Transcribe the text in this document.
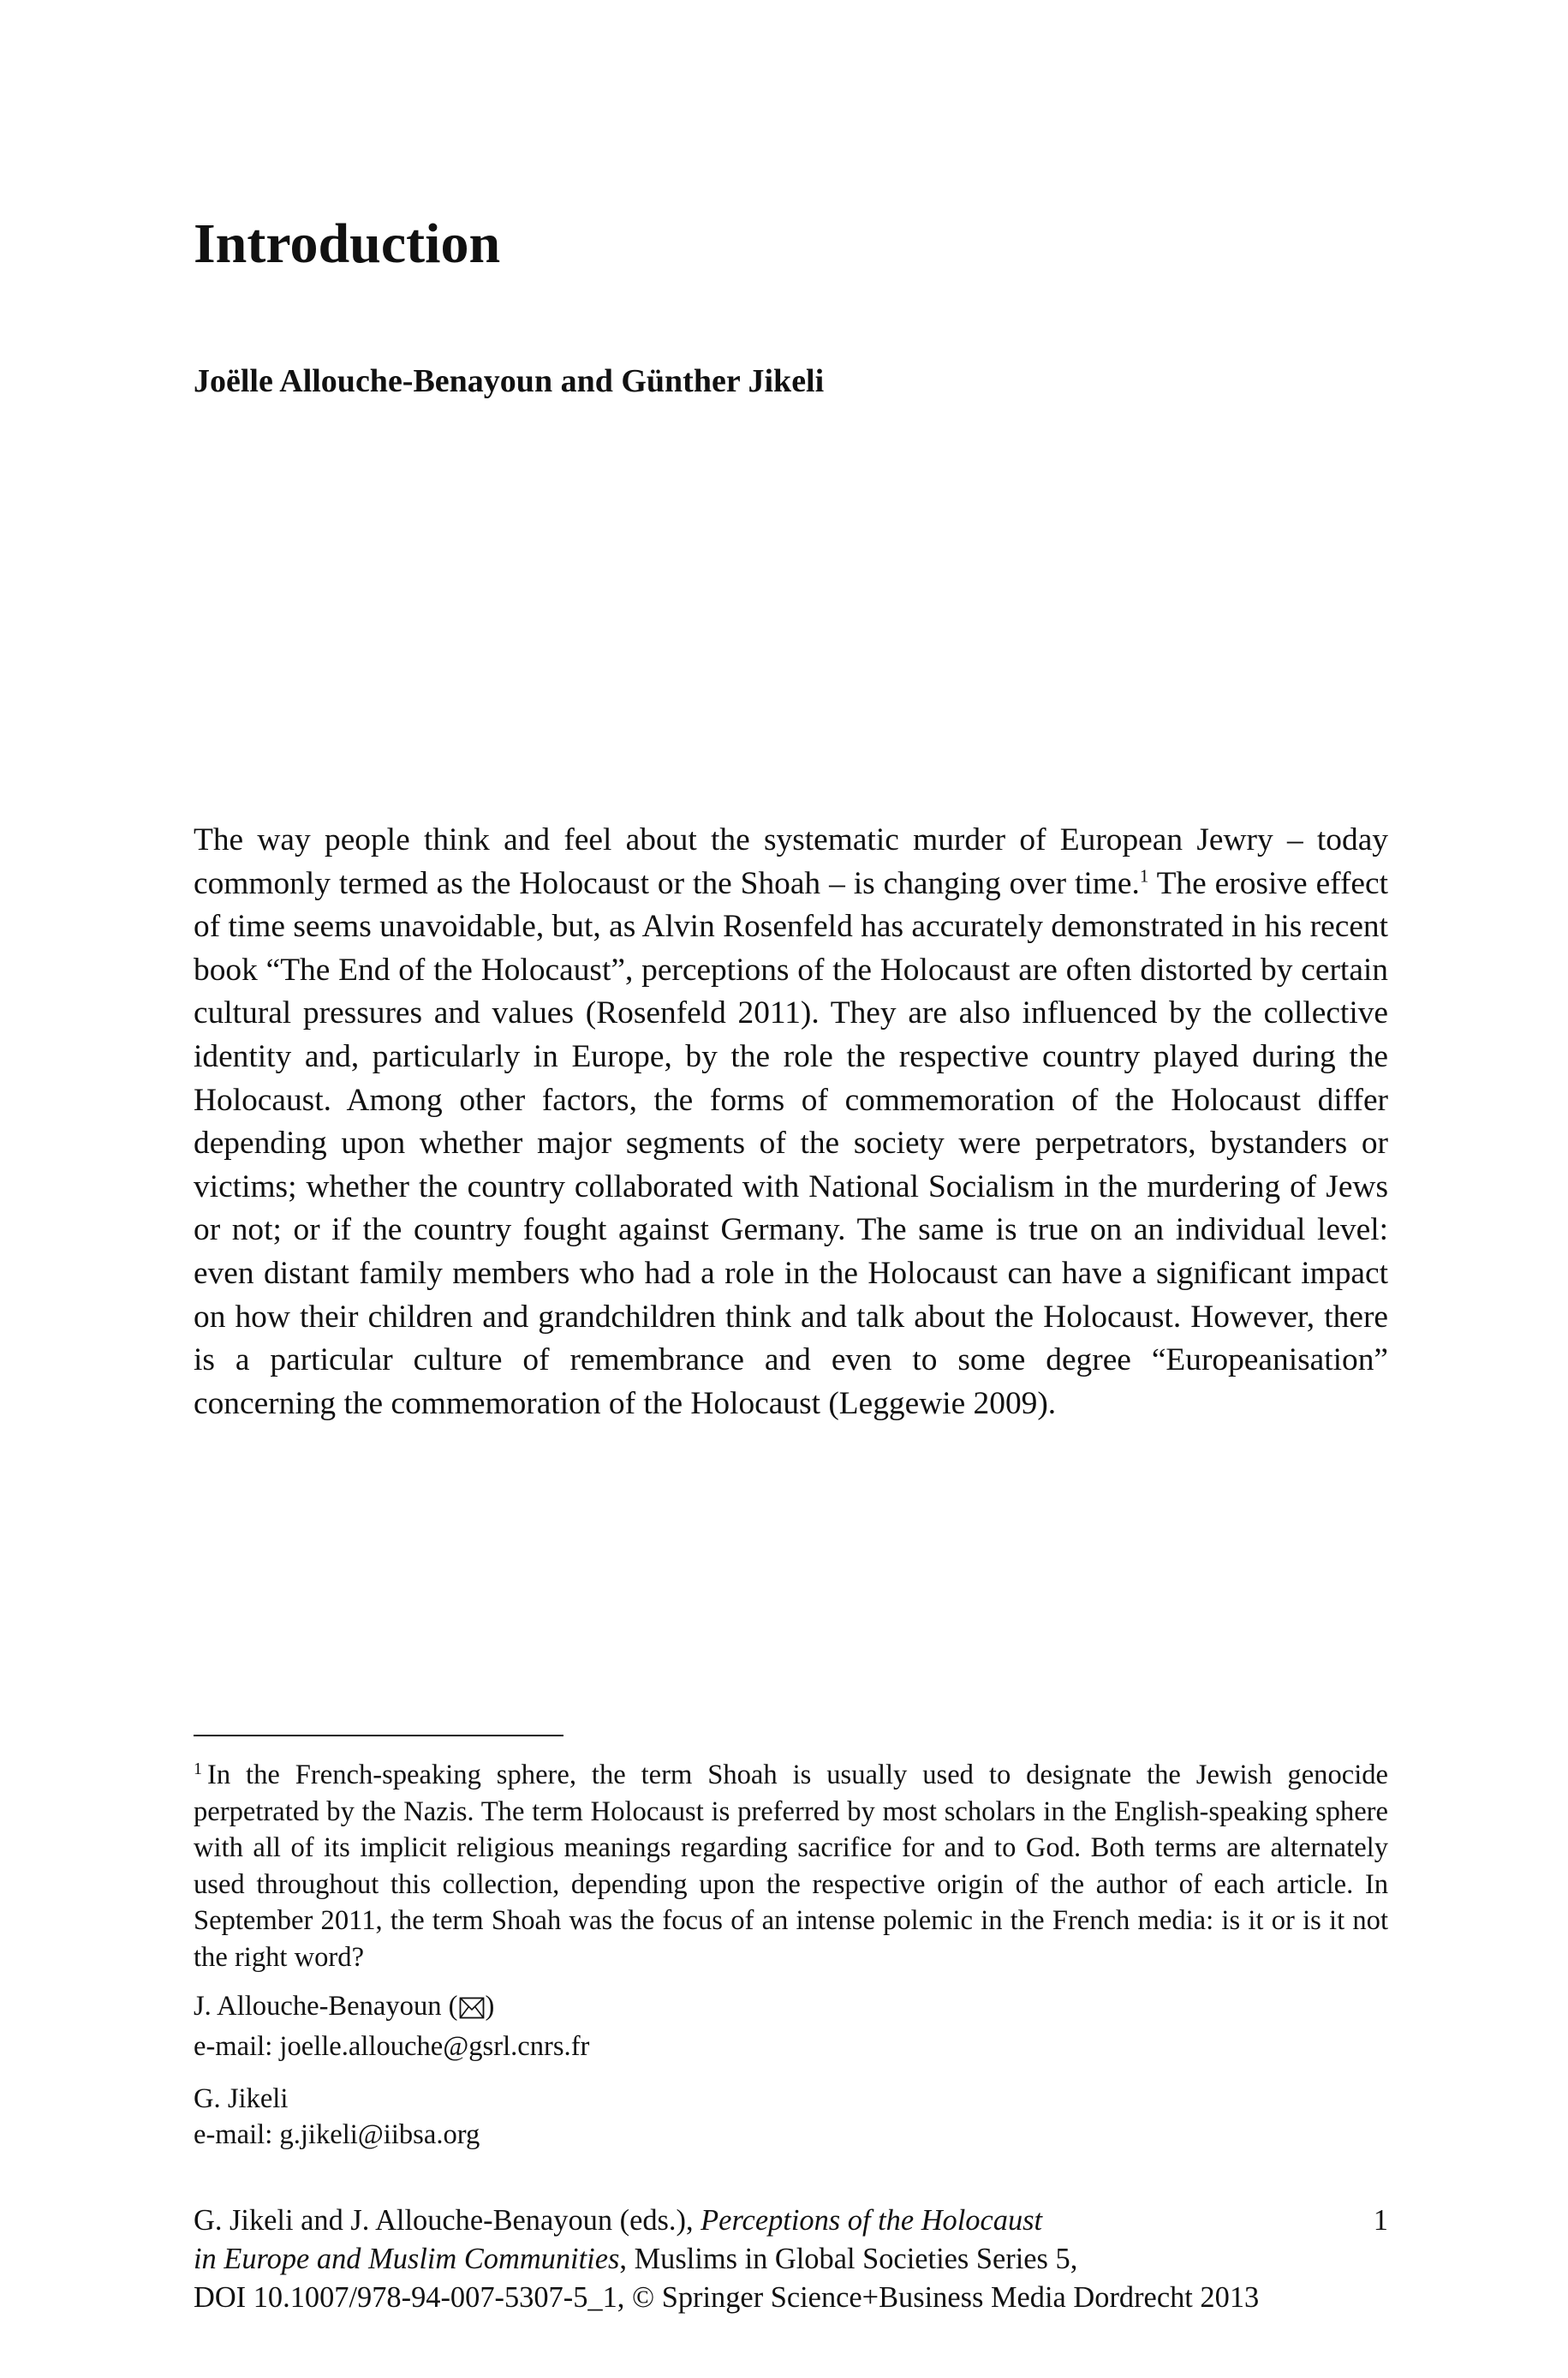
Introduction
Joëlle Allouche-Benayoun and Günther Jikeli

The way people think and feel about the systematic murder of European Jewry – today commonly termed as the Holocaust or the Shoah – is changing over time.$^1$ The erosive effect of time seems unavoidable, but, as Alvin Rosenfeld has accurately demonstrated in his recent book “The End of the Holocaust”, perceptions of the Holocaust are often distorted by certain cultural pressures and values (Rosenfeld 2011). They are also influenced by the collective identity and, particularly in Europe, by the role the respective country played during the Holocaust. Among other factors, the forms of commemoration of the Holocaust differ depending upon whether major segments of the society were perpetrators, bystanders or victims; whether the country collaborated with National Socialism in the murdering of Jews or not; or if the country fought against Germany. The same is true on an individual level: even distant family members who had a role in the Holocaust can have a significant impact on how their children and grandchildren think and talk about the Holocaust. However, there is a particular culture of remembrance and even to some degree “Europeanisation” concerning the commemoration of the Holocaust (Leggewie 2009).

$^1$ In the French-speaking sphere, the term Shoah is usually used to designate the Jewish genocide perpetrated by the Nazis. The term Holocaust is preferred by most scholars in the English-speaking sphere with all of its implicit religious meanings regarding sacrifice for and to God. Both terms are alternately used throughout this collection, depending upon the respective origin of the author of each article. In September 2011, the term Shoah was the focus of an intense polemic in the French media: is it or is it not the right word?

J. Allouche-Benayoun ( )
e-mail: joelle.allouche@gsrl.cnrs.fr
G. Jikeli
e-mail: g.jikeli@iibsa.org
G. Jikeli and J. Allouche-Benayoun (eds.), Perceptions of the Holocaust
in Europe and Muslim Communities, Muslims in Global Societies Series 5,
DOI 10.1007/978-94-007-5307-5_1, © Springer Science+Business Media Dordrecht 2013
1
